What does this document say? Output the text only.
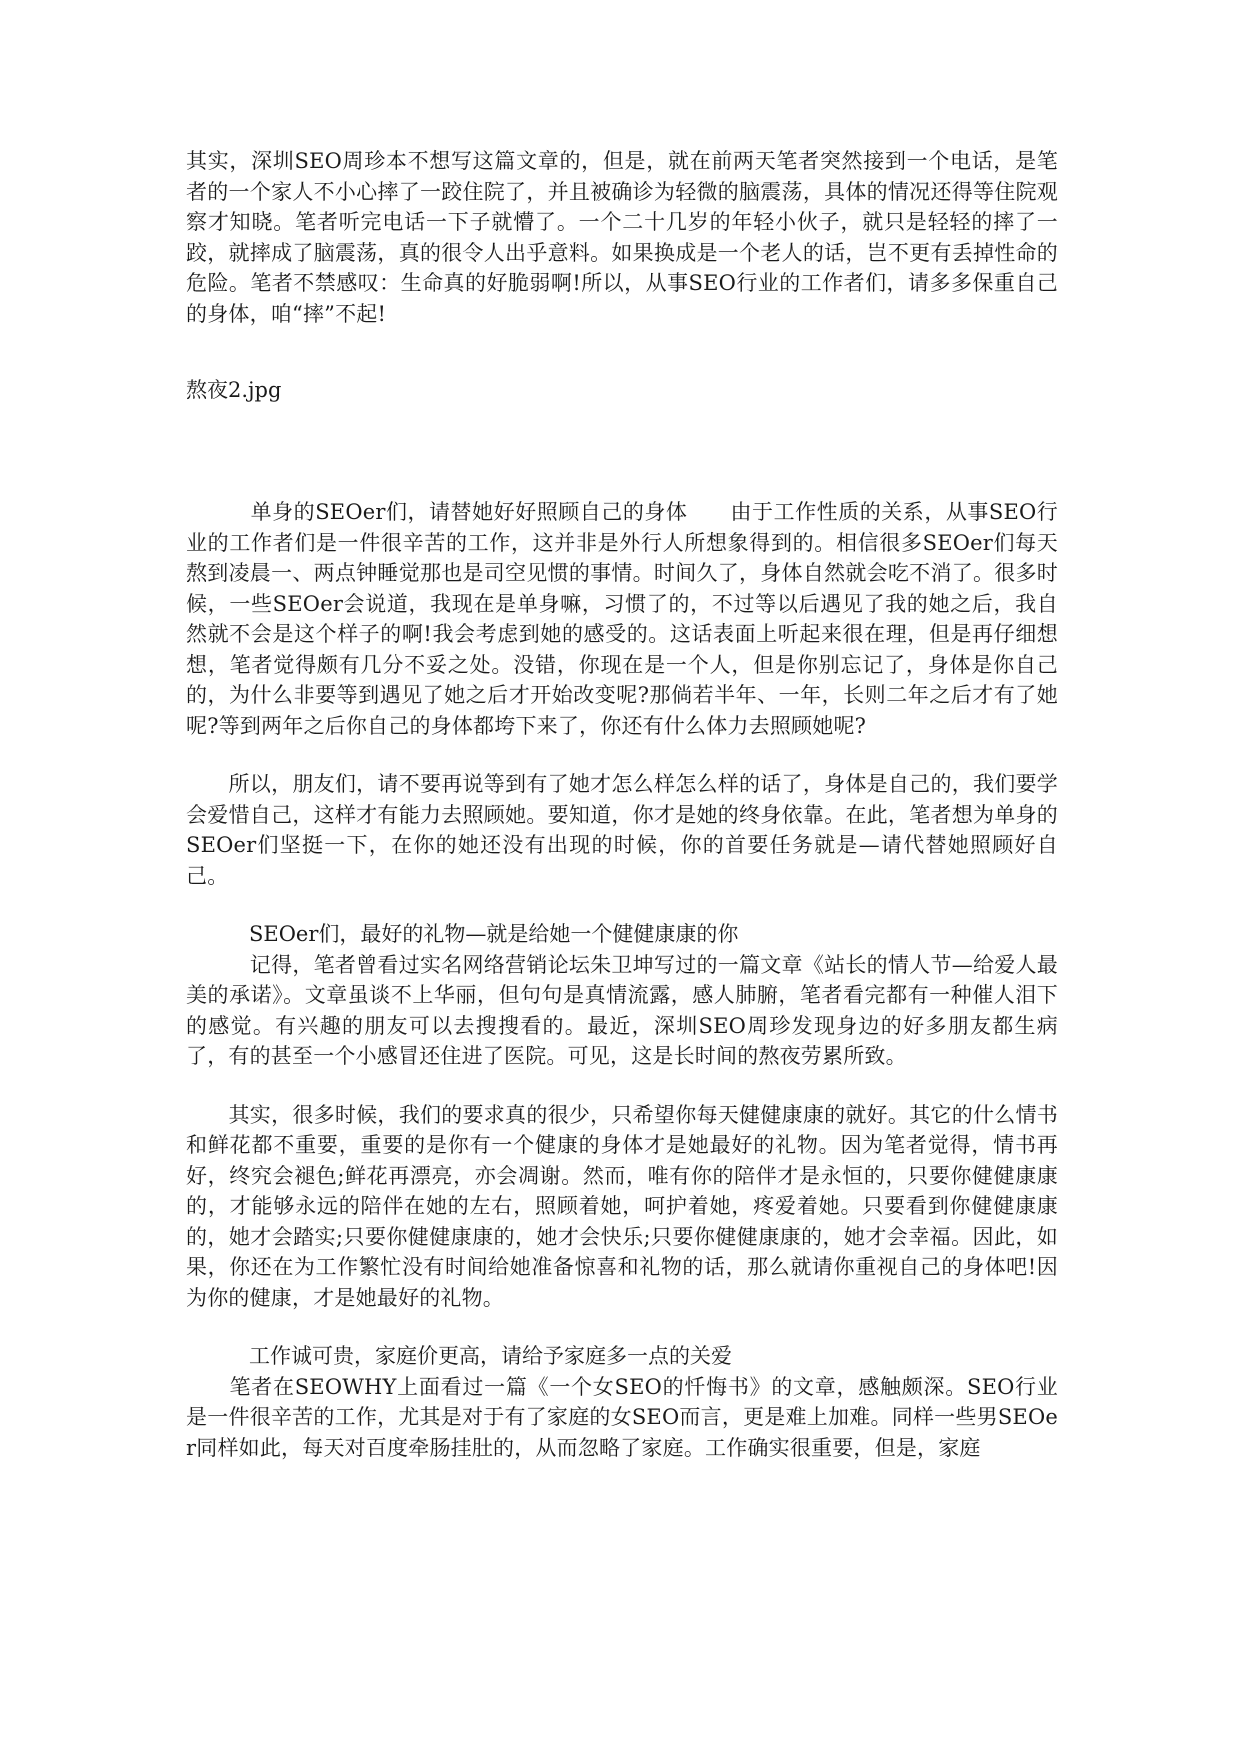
其实，深圳SEO周珍本不想写这篇文章的，但是，就在前两天笔者突然接到一个电话，是笔者的一个家人不小心摔了一跤住院了，并且被确诊为轻微的脑震荡，具体的情况还得等住院观察才知晓。笔者听完电话一下子就懵了。一个二十几岁的年轻小伙子，就只是轻轻的摔了一跤，就摔成了脑震荡，真的很令人出乎意料。如果换成是一个老人的话，岂不更有丢掉性命的危险。笔者不禁感叹：生命真的好脆弱啊!所以，从事SEO行业的工作者们，请多多保重自己的身体，咱“摔”不起!

熬夜2.jpg

　　　单身的SEOer们，请替她好好照顾自己的身体　　由于工作性质的关系，从事SEO行业的工作者们是一件很辛苦的工作，这并非是外行人所想象得到的。相信很多SEOer们每天熬到凌晨一、两点钟睡觉那也是司空见惯的事情。时间久了，身体自然就会吃不消了。很多时候，一些SEOer会说道，我现在是单身嘛，习惯了的，不过等以后遇见了我的她之后，我自然就不会是这个样子的啊!我会考虑到她的感受的。这话表面上听起来很在理，但是再仔细想想，笔者觉得颇有几分不妥之处。没错，你现在是一个人，但是你别忘记了，身体是你自己的，为什么非要等到遇见了她之后才开始改变呢?那倘若半年、一年，长则二年之后才有了她呢?等到两年之后你自己的身体都垮下来了，你还有什么体力去照顾她呢?

　　所以，朋友们，请不要再说等到有了她才怎么样怎么样的话了，身体是自己的，我们要学会爱惜自己，这样才有能力去照顾她。要知道，你才是她的终身依靠。在此，笔者想为单身的SEOer们坚挺一下，在你的她还没有出现的时候，你的首要任务就是—请代替她照顾好自己。

　　　SEOer们，最好的礼物—就是给她一个健健康康的你

　　　记得，笔者曾看过实名网络营销论坛朱卫坤写过的一篇文章《站长的情人节—给爱人最美的承诺》。文章虽谈不上华丽，但句句是真情流露，感人肺腑，笔者看完都有一种催人泪下的感觉。有兴趣的朋友可以去搜搜看的。最近，深圳SEO周珍发现身边的好多朋友都生病了，有的甚至一个小感冒还住进了医院。可见，这是长时间的熬夜劳累所致。

　　其实，很多时候，我们的要求真的很少，只希望你每天健健康康的就好。其它的什么情书和鲜花都不重要，重要的是你有一个健康的身体才是她最好的礼物。因为笔者觉得，情书再好，终究会褪色;鲜花再漂亮，亦会凋谢。然而，唯有你的陪伴才是永恒的，只要你健健康康的，才能够永远的陪伴在她的左右，照顾着她，呵护着她，疼爱着她。只要看到你健健康康的，她才会踏实;只要你健健康康的，她才会快乐;只要你健健康康的，她才会幸福。因此，如果，你还在为工作繁忙没有时间给她准备惊喜和礼物的话，那么就请你重视自己的身体吧!因为你的健康，才是她最好的礼物。

　　　工作诚可贵，家庭价更高，请给予家庭多一点的关爱

　　笔者在SEOWHY上面看过一篇《一个女SEO的忏悔书》的文章，感触颇深。SEO行业是一件很辛苦的工作，尤其是对于有了家庭的女SEO而言，更是难上加难。同样一些男SEOer同样如此，每天对百度牵肠挂肚的，从而忽略了家庭。工作确实很重要，但是，家庭
